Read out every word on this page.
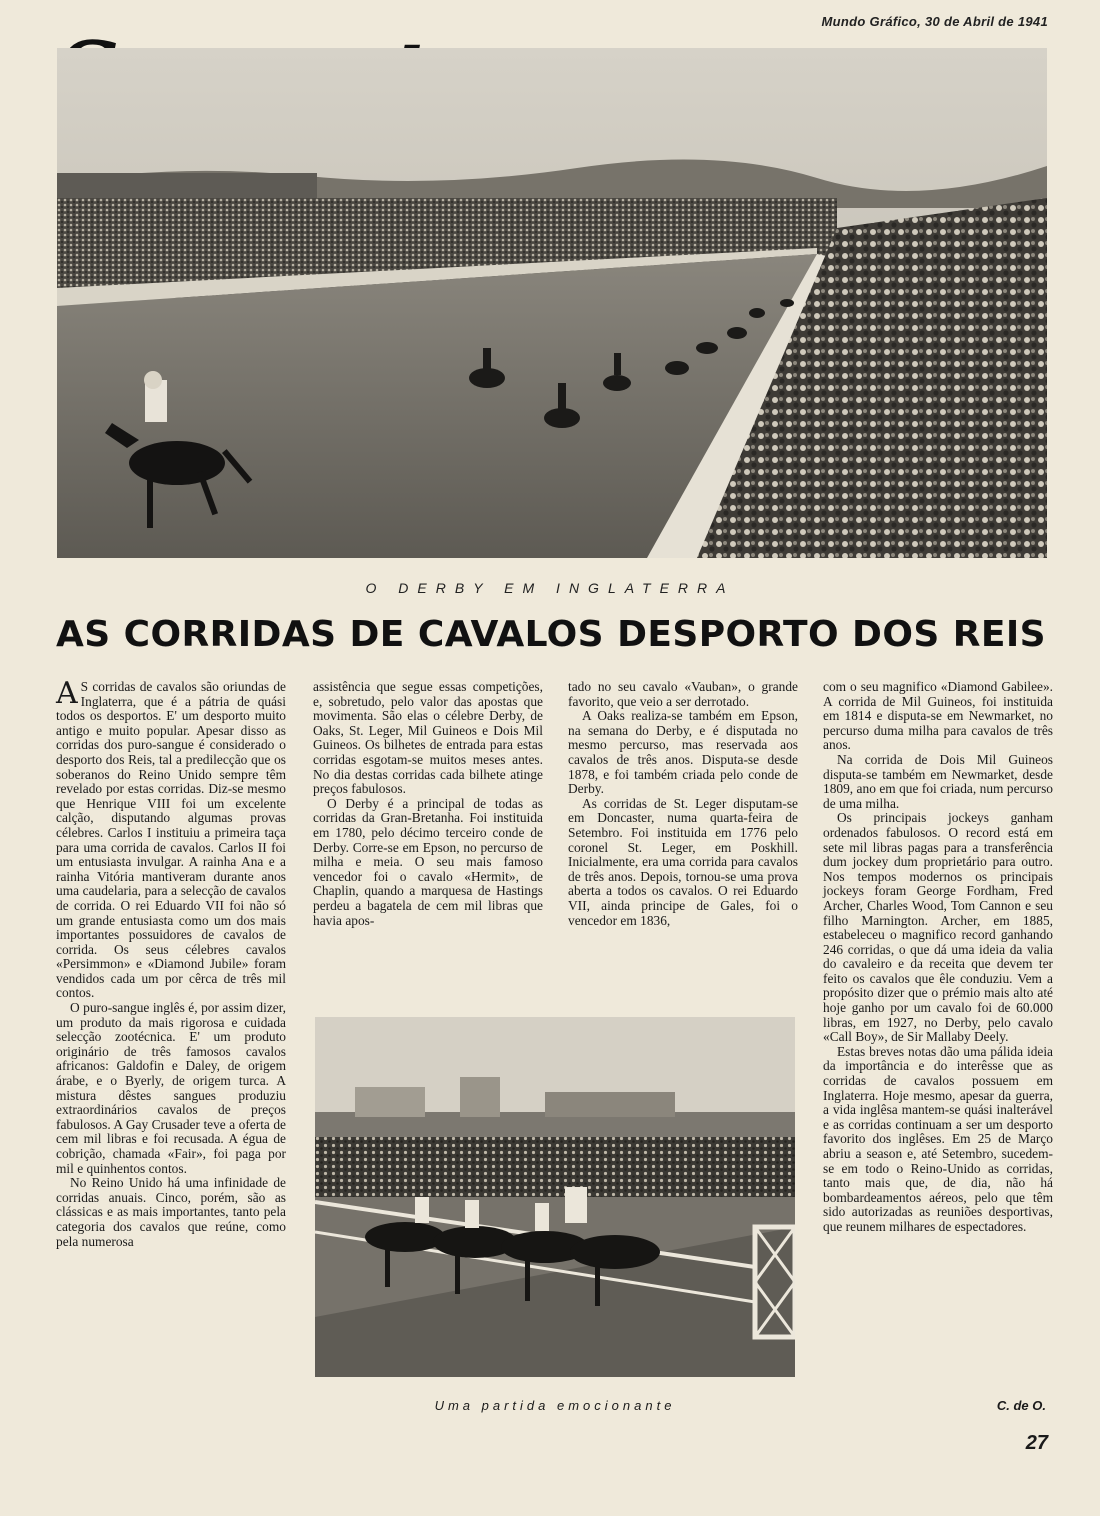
Mundo Gráfico, 30 de Abril de 1941
O DERBY EM INGLATERRA
AS CORRIDAS DE CAVALOS DESPORTO DOS REIS

A S corridas de cavalos são oriundas de Inglaterra, que é a pátria de quási todos os desportos. E' um desporto muito antigo e muito popular. Apesar disso as corridas dos puro-sangue é considerado o desporto dos Reis, tal a predilecção que os soberanos do Reino Unido sempre têm revelado por estas corridas. Diz-se mesmo que Henrique VIII foi um excelente calção, disputando algumas provas célebres. Carlos I instituiu a primeira taça para uma corrida de cavalos. Carlos II foi um entusiasta invulgar. A rainha Ana e a rainha Vitória mantiveram durante anos uma caudelaria, para a selecção de cavalos de corrida. O rei Eduardo VII foi não só um grande entusiasta como um dos mais importantes possuidores de cavalos de corrida. Os seus célebres cavalos «Persimmon» e «Diamond Jubile» foram vendidos cada um por cêrca de três mil contos.

O puro-sangue inglês é, por assim dizer, um produto da mais rigorosa e cuidada selecção zootécnica. E' um produto originário de três famosos cavalos africanos: Galdofin e Daley, de origem árabe, e o Byerly, de origem turca. A mistura dêstes sangues produziu extraordinários cavalos de preços fabulosos. A Gay Crusader teve a oferta de cem mil libras e foi recusada. A égua de cobrição, chamada «Fair», foi paga por mil e quinhentos contos.

No Reino Unido há uma infinidade de corridas anuais. Cinco, porém, são as clássicas e as mais importantes, tanto pela categoria dos cavalos que reúne, como pela numerosa

assistência que segue essas competições, e, sobretudo, pelo valor das apostas que movimenta. São elas o célebre Derby, de Oaks, St. Leger, Mil Guineos e Dois Mil Guineos. Os bilhetes de entrada para estas corridas esgotam-se muitos meses antes. No dia destas corridas cada bilhete atinge preços fabulosos.

O Derby é a principal de todas as corridas da Gran-Bretanha. Foi instituida em 1780, pelo décimo terceiro conde de Derby. Corre-se em Epson, no percurso de milha e meia. O seu mais famoso vencedor foi o cavalo «Hermit», de Chaplin, quando a marquesa de Hastings perdeu a bagatela de cem mil libras que havia apos-

tado no seu cavalo «Vauban», o grande favorito, que veio a ser derrotado.

A Oaks realiza-se também em Epson, na semana do Derby, e é disputada no mesmo percurso, mas reservada aos cavalos de três anos. Disputa-se desde 1878, e foi também criada pelo conde de Derby.

As corridas de St. Leger disputam-se em Doncaster, numa quarta-feira de Setembro. Foi instituida em 1776 pelo coronel St. Leger, em Poskhill. Inicialmente, era uma corrida para cavalos de três anos. Depois, tornou-se uma prova aberta a todos os cavalos. O rei Eduardo VII, ainda principe de Gales, foi o vencedor em 1836,

com o seu magnifico «Diamond Gabilee». A corrida de Mil Guineos, foi instituida em 1814 e disputa-se em Newmarket, no percurso duma milha para cavalos de três anos.

Na corrida de Dois Mil Guineos disputa-se também em Newmarket, desde 1809, ano em que foi criada, num percurso de uma milha.

Os principais jockeys ganham ordenados fabulosos. O record está em sete mil libras pagas para a transferência dum jockey dum proprietário para outro. Nos tempos modernos os principais jockeys foram George Fordham, Fred Archer, Charles Wood, Tom Cannon e seu filho Marnington. Archer, em 1885, estabeleceu o magnifico record ganhando 246 corridas, o que dá uma ideia da valia do cavaleiro e da receita que devem ter feito os cavalos que êle conduziu. Vem a propósito dizer que o prémio mais alto até hoje ganho por um cavalo foi de 60.000 libras, em 1927, no Derby, pelo cavalo «Call Boy», de Sir Mallaby Deely.

Estas breves notas dão uma pálida ideia da importância e do interêsse que as corridas de cavalos possuem em Inglaterra. Hoje mesmo, apesar da guerra, a vida inglêsa mantem-se quási inalterável e as corridas continuam a ser um desporto favorito dos inglêses. Em 25 de Março abriu a season e, até Setembro, sucedem-se em todo o Reino-Unido as corridas, tanto mais que, de dia, não há bombardeamentos aéreos, pelo que têm sido autorizadas as reuniões desportivas, que reunem milhares de espectadores.

Uma partida emocionante	C. de O.
27
